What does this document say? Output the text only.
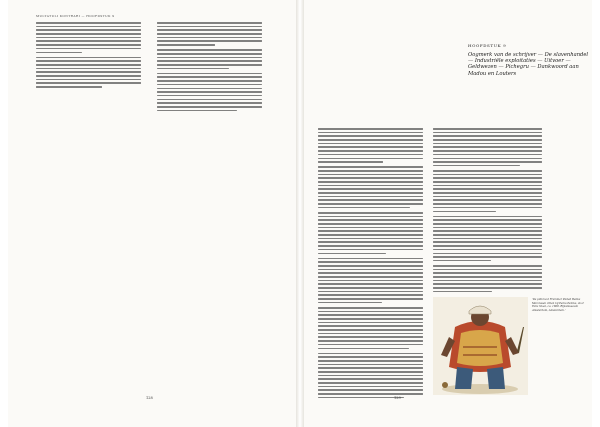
MULTATULI KONTRARI — HOOFDSTUK 9
128	129
HOOFDSTUK 9
Oogmerk van de schrijver — De slavenhandel — Industriële exploitaties — Uitvoer — Geldwezen — Pichegru — Dankwoord aan Madou en Louters
'De pikbrood Frammer Pieted Banka Marolusen zitten bij Pemu Pemba, door Felix Stoel, ca. 1808. Rijksmuseum Amsterdam, Amsterdam.'
